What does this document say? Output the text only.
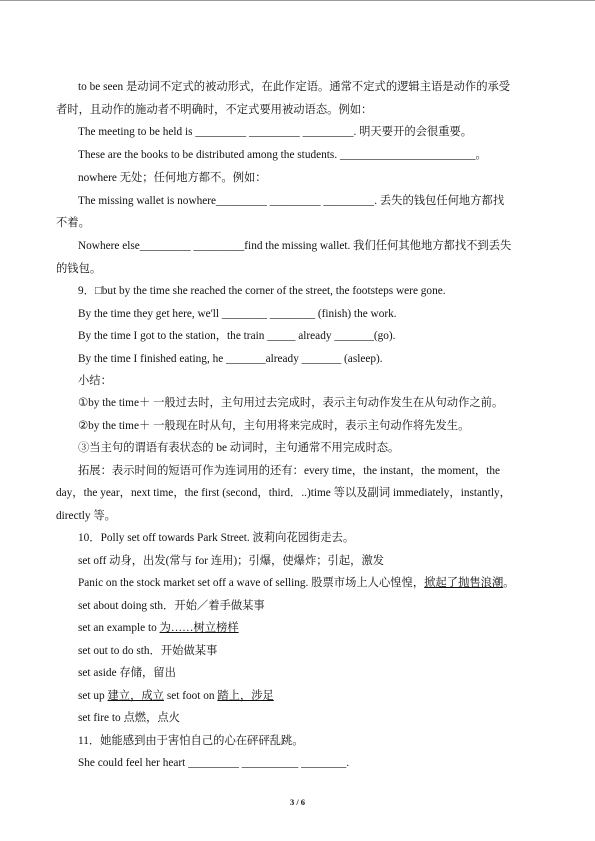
to be seen 是动词不定式的被动形式，在此作定语。通常不定式的逻辑主语是动作的承受
者时，且动作的施动者不明确时，不定式要用被动语态。例如：
The meeting to be held is _________ _________ _________. 明天要开的会很重要。
These are the books to be distributed among the students. ________________________。
nowhere 无处；任何地方都不。例如：
The missing wallet is nowhere_________ _________ _________. 丢失的钱包任何地方都找
不着。
Nowhere else_________ _________find the missing wallet. 我们任何其他地方都找不到丢失
的钱包。
9．□but by the time she reached the corner of the street, the footsteps were gone.
By the time they get here, we'll ________ ________ (finish) the work.
By the time I got to the station，the train _____ already _______(go).
By the time I finished eating, he _______already _______ (asleep).
小结：
①by the time＋ 一般过去时，主句用过去完成时，表示主句动作发生在从句动作之前。
②by the time＋ 一般现在时从句，主句用将来完成时，表示主句动作将先发生。
③当主句的谓语有表状态的 be 动词时，主句通常不用完成时态。
拓展：表示时间的短语可作为连词用的还有：every time，the instant，the moment，the
day，the year，next time，the first (second，third．..)time 等以及副词 immediately，instantly，
directly 等。
10．Polly set off towards Park Street. 波莉向花园街走去。
set off 动身，出发(常与 for 连用)；引爆，使爆炸；引起，激发
Panic on the stock market set off a wave of selling. 股票市场上人心惶惶，掀起了抛售浪潮。
set about doing sth．开始／着手做某事
set an example to 为……树立榜样
set out to do sth．开始做某事
set aside 存储，留出
set up 建立，成立 set foot on 踏上，涉足
set fire to 点燃，点火
11．她能感到由于害怕自己的心在砰砰乱跳。
She could feel her heart _________ __________ ________.
3 / 6
